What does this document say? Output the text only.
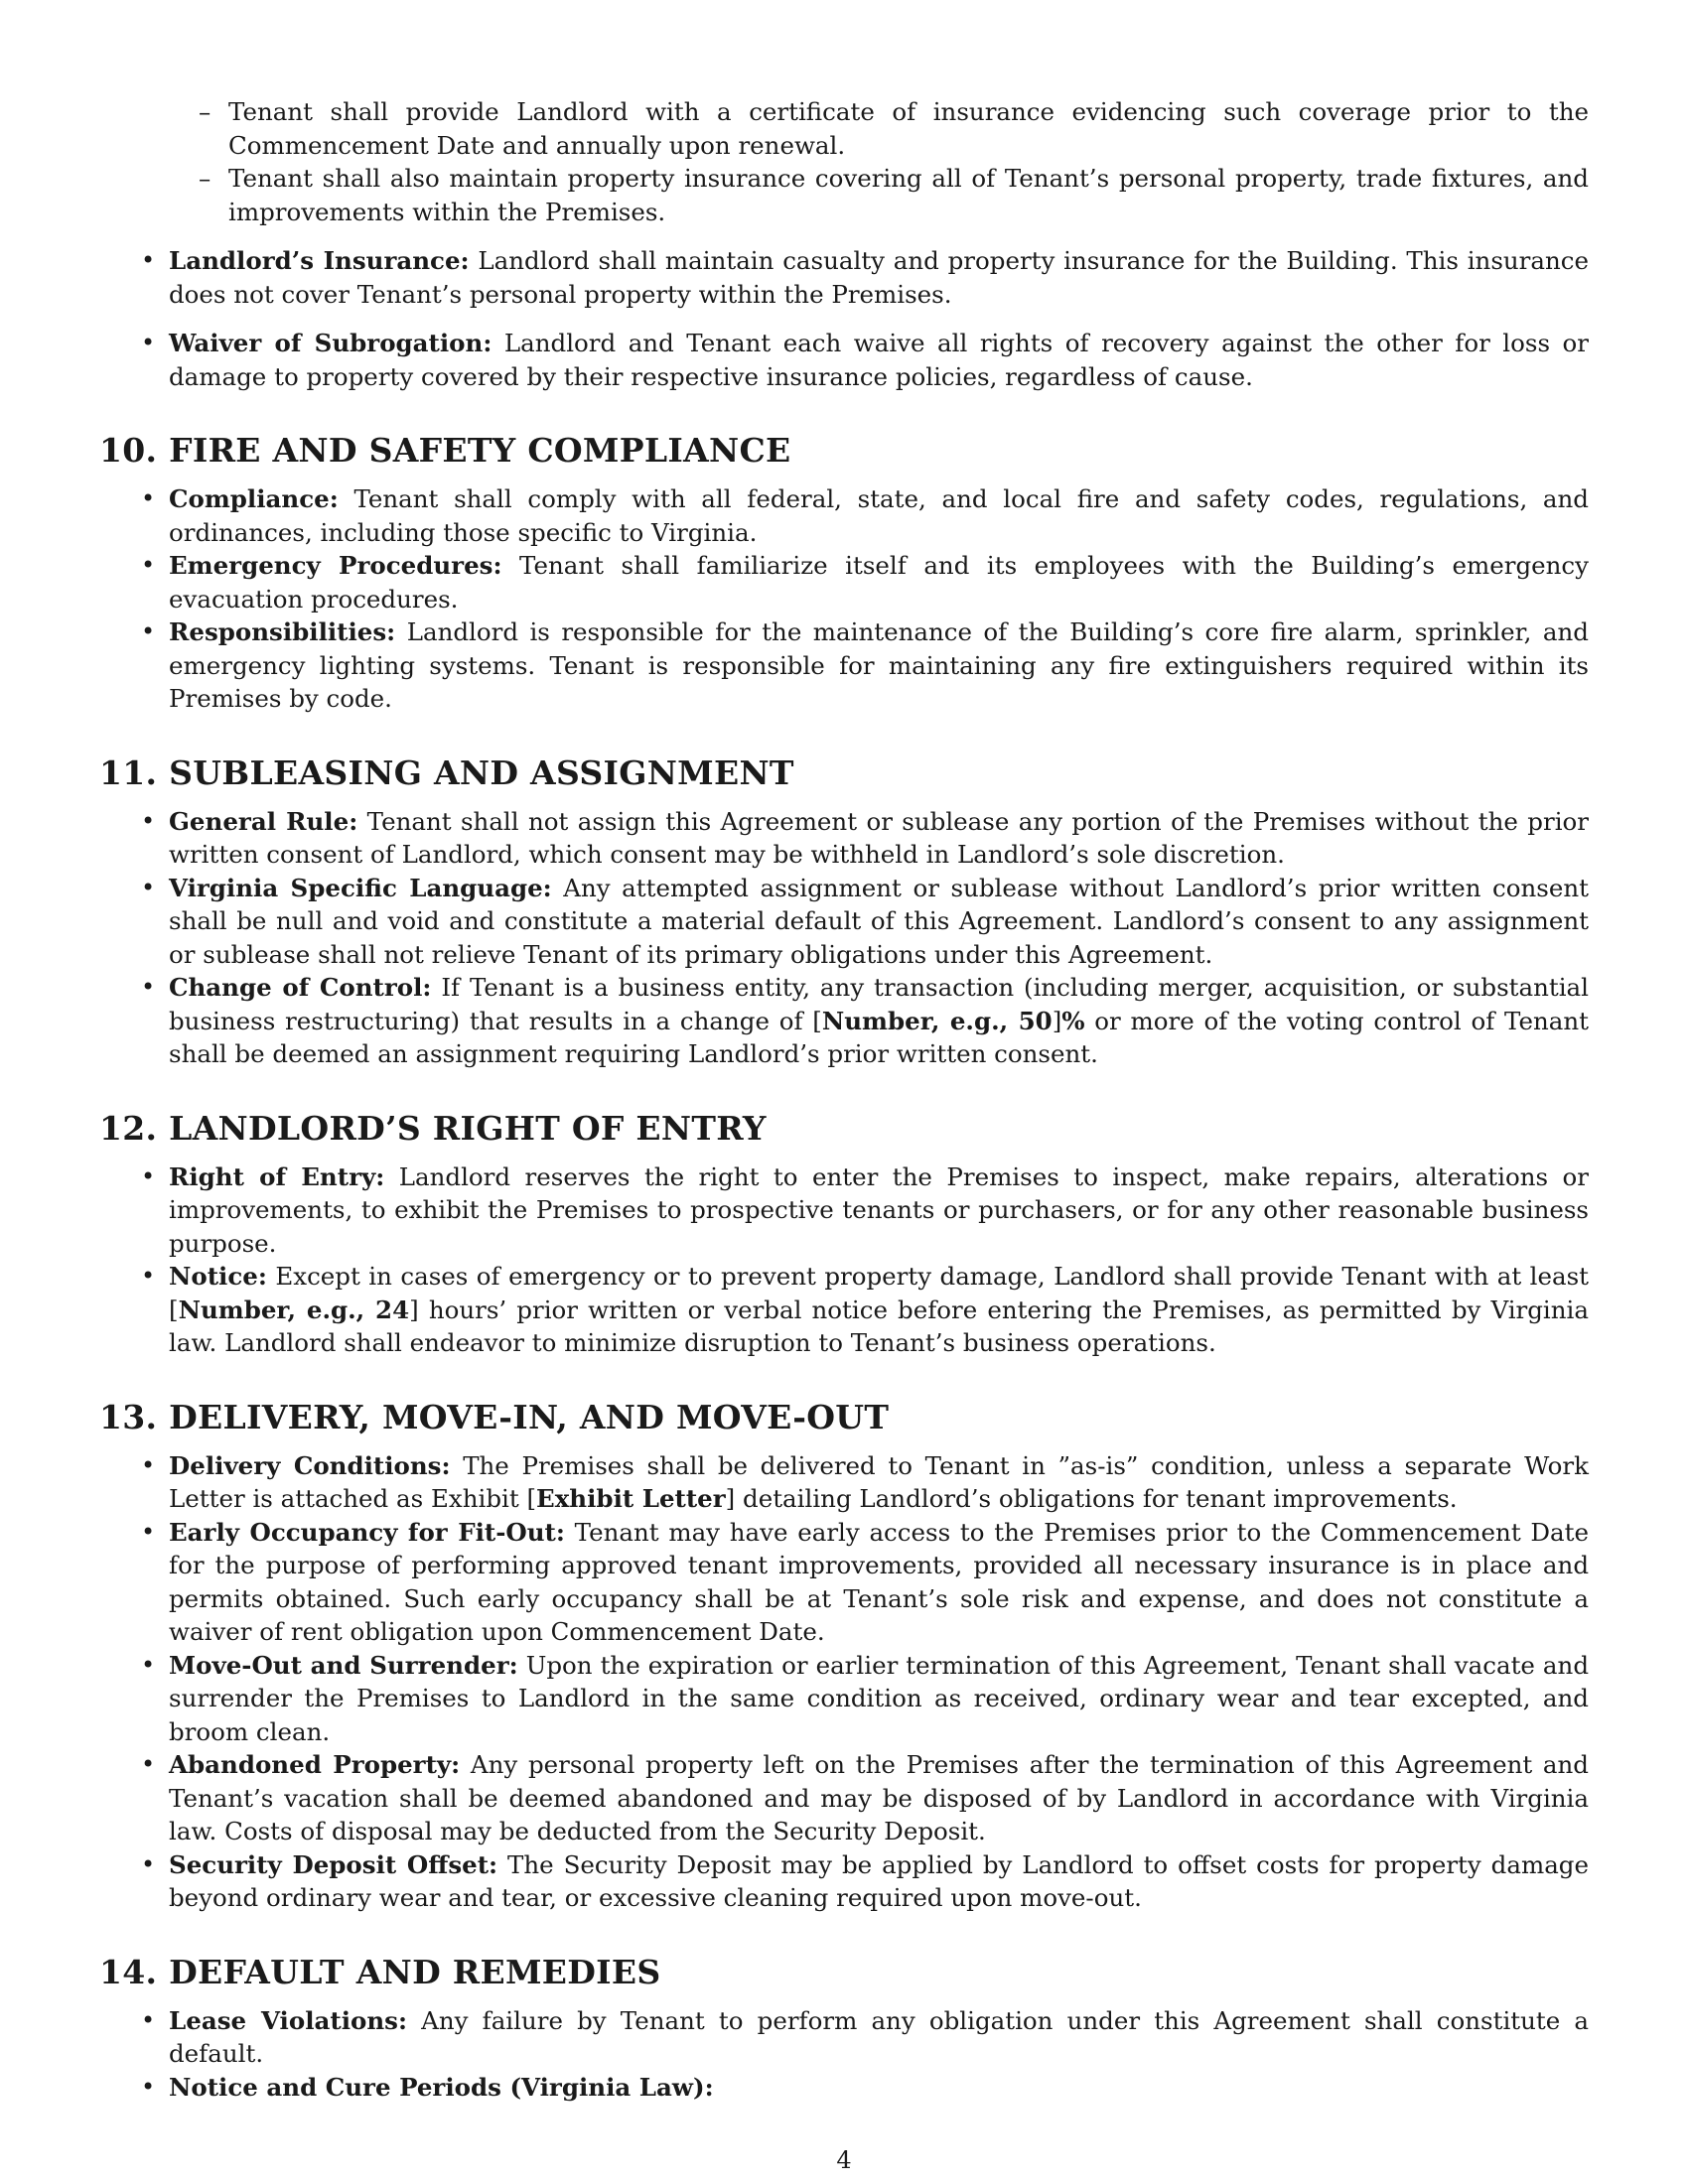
– Tenant shall provide Landlord with a certificate of insurance evidencing such coverage prior to the Commencement Date and annually upon renewal.
– Tenant shall also maintain property insurance covering all of Tenant’s personal property, trade fixtures, and improvements within the Premises.
• Landlord’s Insurance: Landlord shall maintain casualty and property insurance for the Building. This insurance does not cover Tenant’s personal property within the Premises.
• Waiver of Subrogation: Landlord and Tenant each waive all rights of recovery against the other for loss or damage to property covered by their respective insurance policies, regardless of cause.
10. FIRE AND SAFETY COMPLIANCE
• Compliance: Tenant shall comply with all federal, state, and local fire and safety codes, regulations, and ordinances, including those specific to Virginia.
• Emergency Procedures: Tenant shall familiarize itself and its employees with the Building’s emergency evacuation procedures.
• Responsibilities: Landlord is responsible for the maintenance of the Building’s core fire alarm, sprinkler, and emergency lighting systems. Tenant is responsible for maintaining any fire extinguishers required within its Premises by code.
11. SUBLEASING AND ASSIGNMENT
• General Rule: Tenant shall not assign this Agreement or sublease any portion of the Premises without the prior written consent of Landlord, which consent may be withheld in Landlord’s sole discretion.
• Virginia Specific Language: Any attempted assignment or sublease without Landlord’s prior written consent shall be null and void and constitute a material default of this Agreement. Landlord’s consent to any assignment or sublease shall not relieve Tenant of its primary obligations under this Agreement.
• Change of Control: If Tenant is a business entity, any transaction (including merger, acquisition, or substantial business restructuring) that results in a change of [Number, e.g., 50]% or more of the voting control of Tenant shall be deemed an assignment requiring Landlord’s prior written consent.
12. LANDLORD’S RIGHT OF ENTRY
• Right of Entry: Landlord reserves the right to enter the Premises to inspect, make repairs, alterations or improvements, to exhibit the Premises to prospective tenants or purchasers, or for any other reasonable business purpose.
• Notice: Except in cases of emergency or to prevent property damage, Landlord shall provide Tenant with at least [Number, e.g., 24] hours’ prior written or verbal notice before entering the Premises, as permitted by Virginia law. Landlord shall endeavor to minimize disruption to Tenant’s business operations.
13. DELIVERY, MOVE-IN, AND MOVE-OUT
• Delivery Conditions: The Premises shall be delivered to Tenant in ”as-is” condition, unless a separate Work Letter is attached as Exhibit [Exhibit Letter] detailing Landlord’s obligations for tenant improvements.
• Early Occupancy for Fit-Out: Tenant may have early access to the Premises prior to the Commencement Date for the purpose of performing approved tenant improvements, provided all necessary insurance is in place and permits obtained. Such early occupancy shall be at Tenant’s sole risk and expense, and does not constitute a waiver of rent obligation upon Commencement Date.
• Move-Out and Surrender: Upon the expiration or earlier termination of this Agreement, Tenant shall vacate and surrender the Premises to Landlord in the same condition as received, ordinary wear and tear excepted, and broom clean.
• Abandoned Property: Any personal property left on the Premises after the termination of this Agreement and Tenant’s vacation shall be deemed abandoned and may be disposed of by Landlord in accordance with Virginia law. Costs of disposal may be deducted from the Security Deposit.
• Security Deposit Offset: The Security Deposit may be applied by Landlord to offset costs for property damage beyond ordinary wear and tear, or excessive cleaning required upon move-out.
14. DEFAULT AND REMEDIES
• Lease Violations: Any failure by Tenant to perform any obligation under this Agreement shall constitute a default.
• Notice and Cure Periods (Virginia Law):
4
